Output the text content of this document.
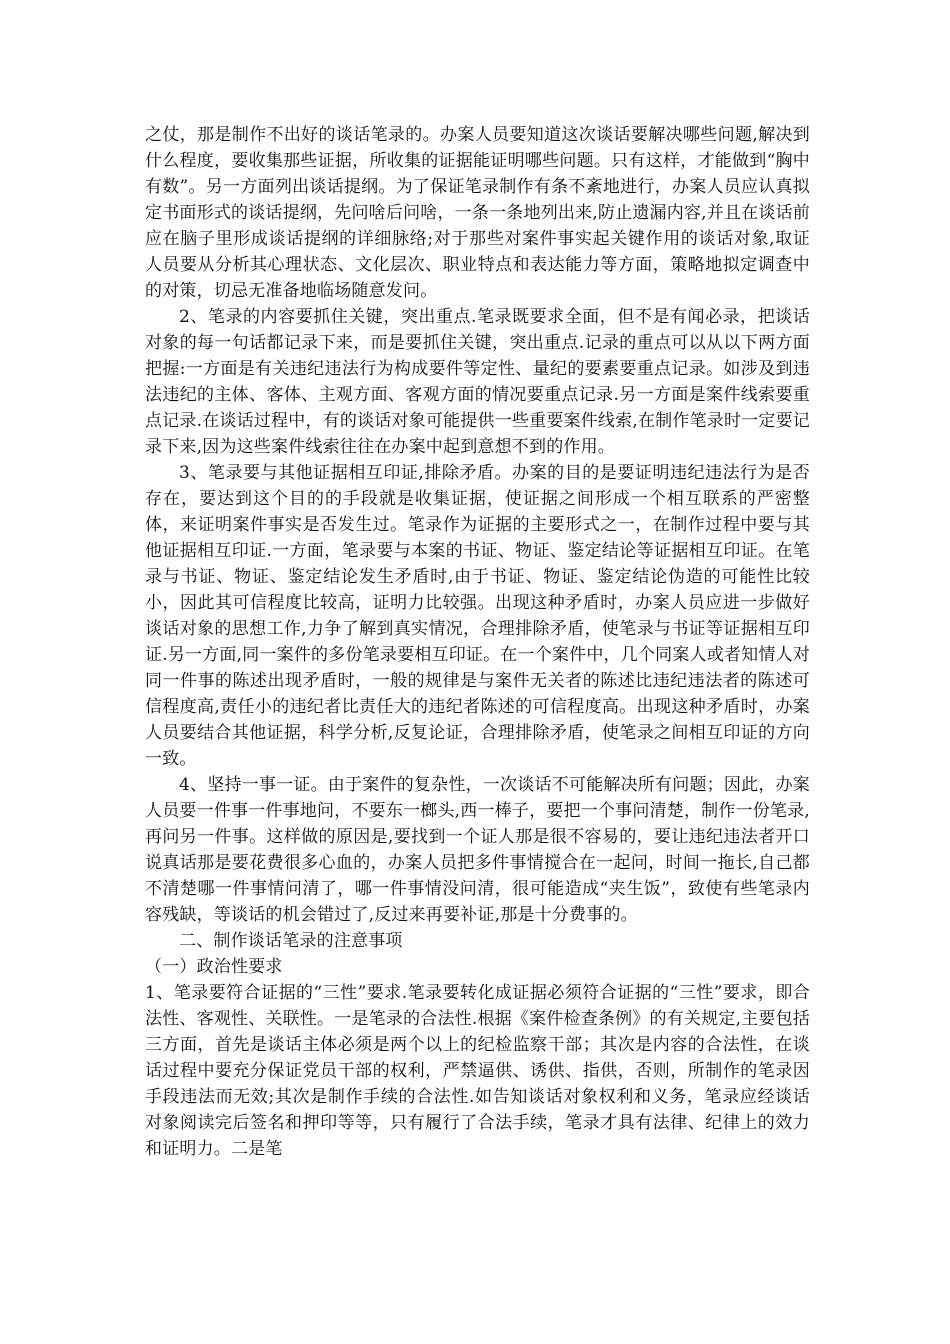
之仗，那是制作不出好的谈话笔录的。办案人员要知道这次谈话要解决哪些问题,解决到什么程度，要收集那些证据，所收集的证据能证明哪些问题。只有这样，才能做到“胸中有数”。另一方面列出谈话提纲。为了保证笔录制作有条不紊地进行，办案人员应认真拟定书面形式的谈话提纲，先问啥后问啥，一条一条地列出来,防止遗漏内容,并且在谈话前应在脑子里形成谈话提纲的详细脉络;对于那些对案件事实起关键作用的谈话对象,取证人员要从分析其心理状态、文化层次、职业特点和表达能力等方面，策略地拟定调查中的对策，切忌无准备地临场随意发问。

2、笔录的内容要抓住关键，突出重点.笔录既要求全面，但不是有闻必录，把谈话对象的每一句话都记录下来，而是要抓住关键，突出重点.记录的重点可以从以下两方面把握:一方面是有关违纪违法行为构成要件等定性、量纪的要素要重点记录。如涉及到违法违纪的主体、客体、主观方面、客观方面的情况要重点记录.另一方面是案件线索要重点记录.在谈话过程中，有的谈话对象可能提供一些重要案件线索,在制作笔录时一定要记录下来,因为这些案件线索往往在办案中起到意想不到的作用。

3、笔录要与其他证据相互印证,排除矛盾。办案的目的是要证明违纪违法行为是否存在，要达到这个目的的手段就是收集证据，使证据之间形成一个相互联系的严密整体，来证明案件事实是否发生过。笔录作为证据的主要形式之一，在制作过程中要与其他证据相互印证.一方面，笔录要与本案的书证、物证、鉴定结论等证据相互印证。在笔录与书证、物证、鉴定结论发生矛盾时,由于书证、物证、鉴定结论伪造的可能性比较小，因此其可信程度比较高，证明力比较强。出现这种矛盾时，办案人员应进一步做好谈话对象的思想工作,力争了解到真实情况，合理排除矛盾，使笔录与书证等证据相互印证.另一方面,同一案件的多份笔录要相互印证。在一个案件中，几个同案人或者知情人对同一件事的陈述出现矛盾时，一般的规律是与案件无关者的陈述比违纪违法者的陈述可信程度高,责任小的违纪者比责任大的违纪者陈述的可信程度高。出现这种矛盾时，办案人员要结合其他证据，科学分析,反复论证，合理排除矛盾，使笔录之间相互印证的方向一致。

4、坚持一事一证。由于案件的复杂性，一次谈话不可能解决所有问题；因此，办案人员要一件事一件事地问，不要东一榔头,西一棒子，要把一个事问清楚，制作一份笔录,再问另一件事。这样做的原因是,要找到一个证人那是很不容易的，要让违纪违法者开口说真话那是要花费很多心血的，办案人员把多件事情搅合在一起问，时间一拖长,自己都不清楚哪一件事情问清了，哪一件事情没问清，很可能造成“夹生饭”，致使有些笔录内容残缺，等谈话的机会错过了,反过来再要补证,那是十分费事的。

二、制作谈话笔录的注意事项

（一）政治性要求

1、笔录要符合证据的“三性”要求.笔录要转化成证据必须符合证据的“三性”要求，即合法性、客观性、关联性。一是笔录的合法性.根据《案件检查条例》的有关规定,主要包括三方面，首先是谈话主体必须是两个以上的纪检监察干部；其次是内容的合法性，在谈话过程中要充分保证党员干部的权利，严禁逼供、诱供、指供，否则，所制作的笔录因手段违法而无效;其次是制作手续的合法性.如告知谈话对象权利和义务，笔录应经谈话对象阅读完后签名和押印等等，只有履行了合法手续，笔录才具有法律、纪律上的效力和证明力。二是笔
